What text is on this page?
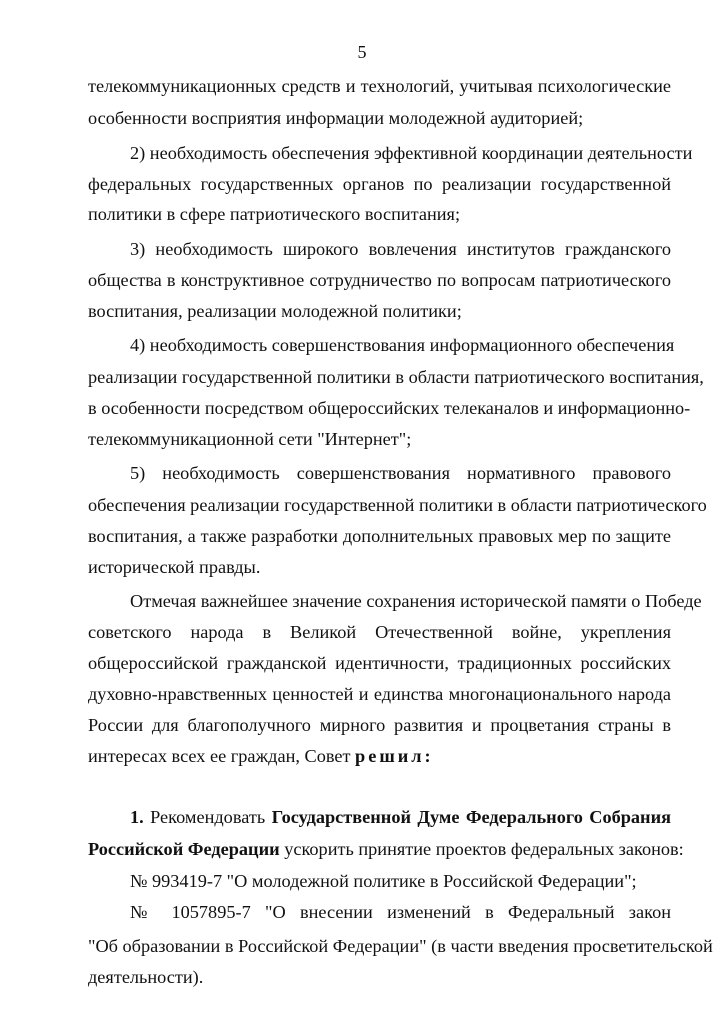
5
телекоммуникационных средств и технологий, учитывая психологические
особенности восприятия информации молодежной аудиторией;
2) необходимость обеспечения эффективной координации деятельности
федеральных государственных органов по реализации государственной
политики в сфере патриотического воспитания;
3) необходимость широкого вовлечения институтов гражданского
общества в конструктивное сотрудничество по вопросам патриотического
воспитания, реализации молодежной политики;
4) необходимость совершенствования информационного обеспечения
реализации государственной политики в области патриотического воспитания,
в особенности посредством общероссийских телеканалов и информационно-
телекоммуникационной сети "Интернет";
5) необходимость совершенствования нормативного правового
обеспечения реализации государственной политики в области патриотического
воспитания, а также разработки дополнительных правовых мер по защите
исторической правды.
Отмечая важнейшее значение сохранения исторической памяти о Победе
советского народа в Великой Отечественной войне, укрепления
общероссийской гражданской идентичности, традиционных российских
духовно-нравственных ценностей и единства многонационального народа
России для благополучного мирного развития и процветания страны в
интересах всех ее граждан, Совет решил:
1. Рекомендовать Государственной Думе Федерального Собрания
Российской Федерации ускорить принятие проектов федеральных законов:
№ 993419-7 "О молодежной политике в Российской Федерации";
№ 1057895-7 "О внесении изменений в Федеральный закон
"Об образовании в Российской Федерации" (в части введения просветительской
деятельности).
